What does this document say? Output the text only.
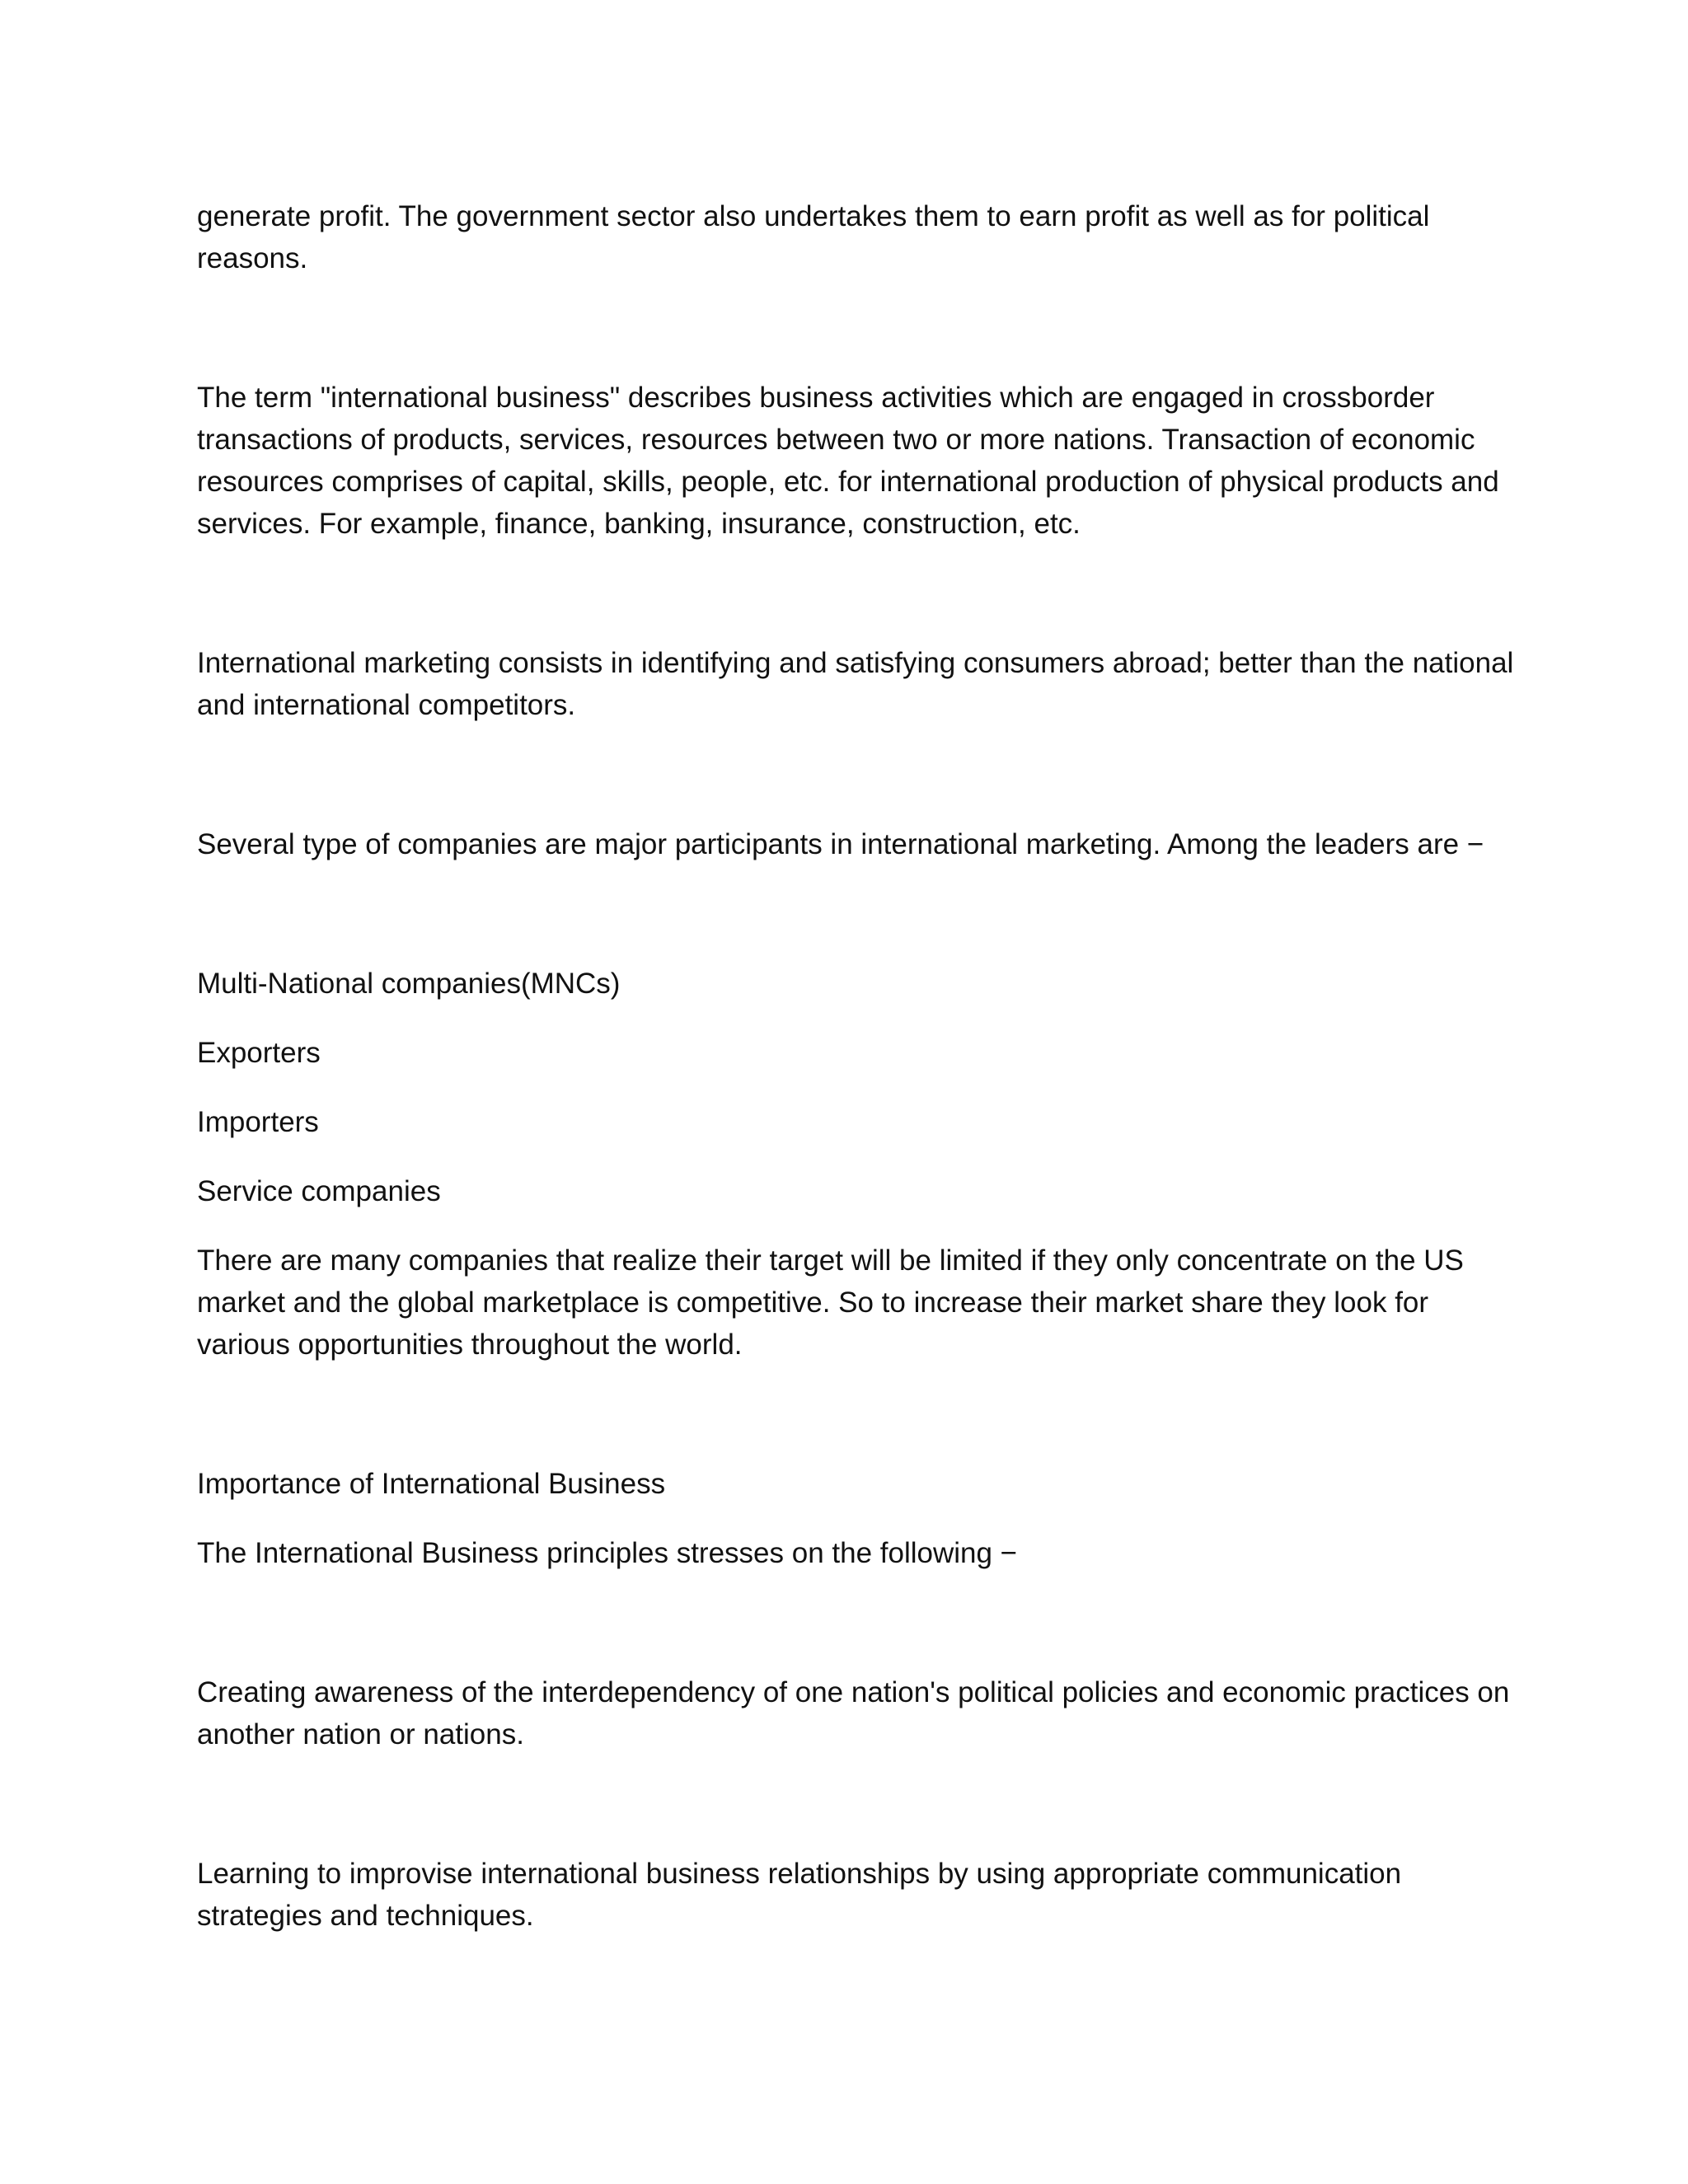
generate profit. The government sector also undertakes them to earn profit as well as for political reasons.

The term "international business" describes business activities which are engaged in crossborder transactions of products, services, resources between two or more nations. Transaction of economic resources comprises of capital, skills, people, etc. for international production of physical products and services. For example, finance, banking, insurance, construction, etc.

International marketing consists in identifying and satisfying consumers abroad; better than the national and international competitors.

Several type of companies are major participants in international marketing. Among the leaders are −

Multi-National companies(MNCs)

Exporters

Importers

Service companies

There are many companies that realize their target will be limited if they only concentrate on the US market and the global marketplace is competitive. So to increase their market share they look for various opportunities throughout the world.

Importance of International Business

The International Business principles stresses on the following −

Creating awareness of the interdependency of one nation's political policies and economic practices on another nation or nations.

Learning to improvise international business relationships by using appropriate communication strategies and techniques.
